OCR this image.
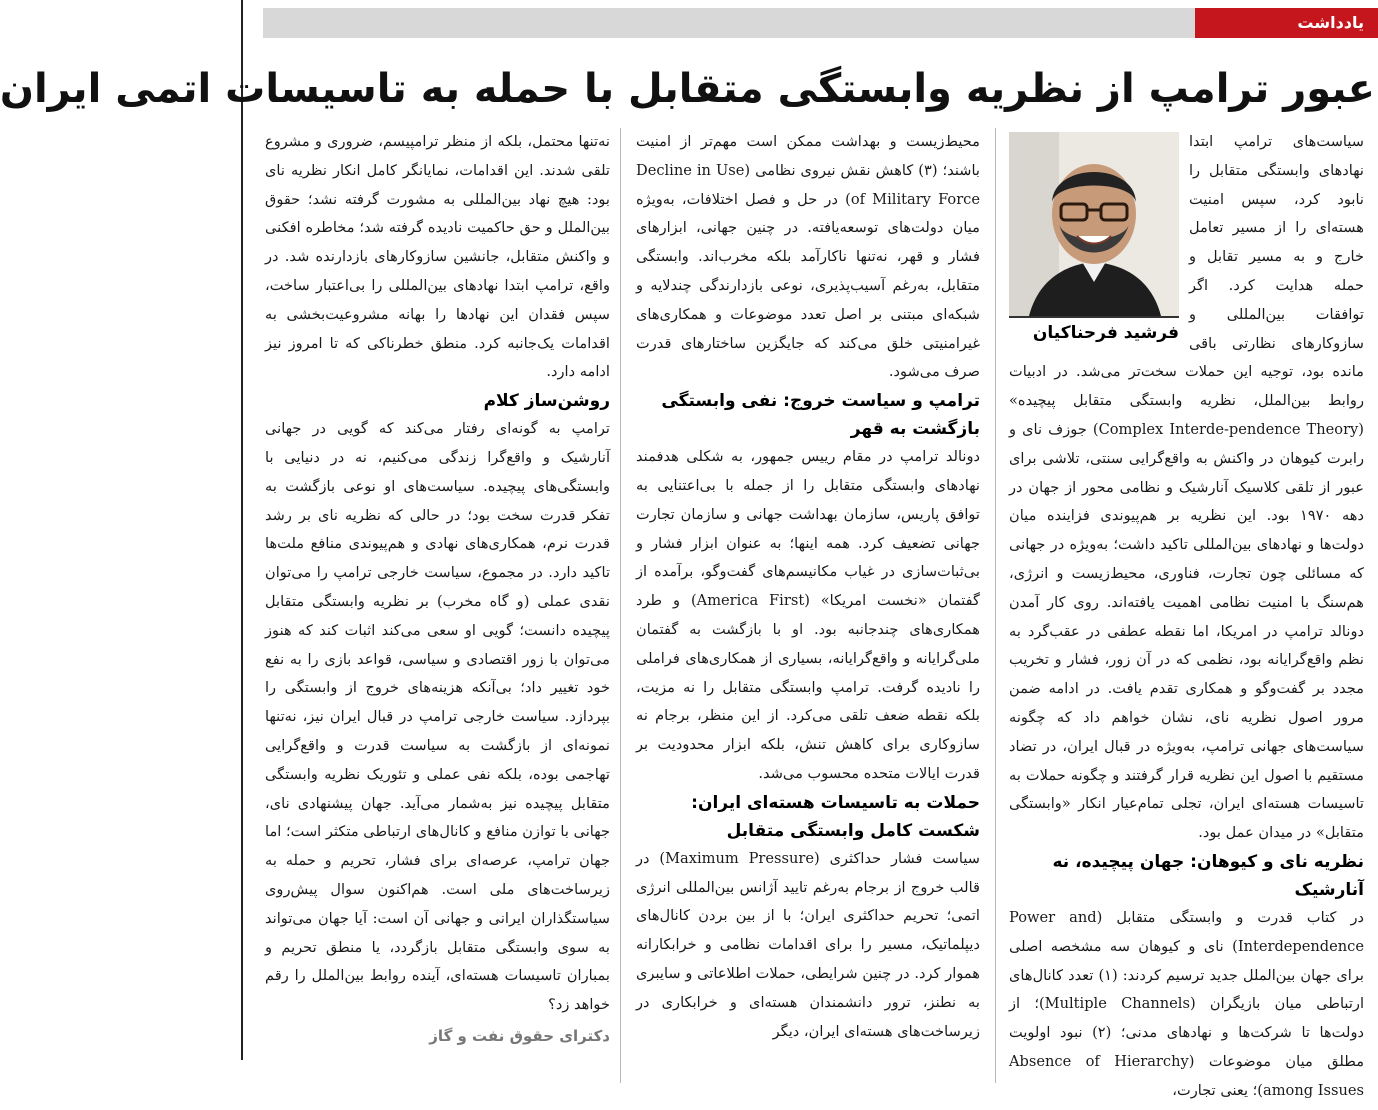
یادداشت
عبور ترامپ از نظریه وابستگی متقابل با حمله به تاسیسات اتمی ایران
فرشید فرحناکیان

سیاست‌های ترامپ ابتدا نهادهای وابستگی متقابل را نابود کرد، سپس امنیت هسته‌ای را از مسیر تعامل خارج و به مسیر تقابل و حمله هدایت کرد. اگر توافقات بین‌المللی و سازوکارهای نظارتی باقی مانده بود، توجیه این حملات سخت‌تر می‌شد. در ادبیات روابط بین‌الملل، نظریه وابستگی متقابل پیچیده» (Complex Interde-pendence Theory) جوزف نای و رابرت کیوهان در واکنش به واقع‌گرایی سنتی، تلاشی برای عبور از تلقی کلاسیک آنارشیک و نظامی محور از جهان در دهه ۱۹۷۰ بود. این نظریه بر هم‌پیوندی فزاینده میان دولت‌ها و نهادهای بین‌المللی تاکید داشت؛ به‌ویژه در جهانی که مسائلی چون تجارت، فناوری، محیط‌زیست و انرژی، هم‌سنگ با امنیت نظامی اهمیت یافته‌اند. روی کار آمدن دونالد ترامپ در امریکا، اما نقطه عطفی در عقب‌گرد به نظم واقع‌گرایانه بود، نظمی که در آن زور، فشار و تخریب مجدد بر گفت‌وگو و همکاری تقدم یافت. در ادامه ضمن مرور اصول نظریه نای، نشان خواهم داد که چگونه سیاست‌های جهانی ترامپ، به‌ویژه در قبال ایران، در تضاد مستقیم با اصول این نظریه قرار گرفتند و چگونه حملات به تاسیسات هسته‌ای ایران، تجلی تمام‌عیار انکار «وابستگی متقابل» در میدان عمل بود.

نظریه نای و کیوهان: جهان پیچیده، نه آنارشیک

در کتاب قدرت و وابستگی متقابل (Power and Interdependence) نای و کیوهان سه مشخصه اصلی برای جهان بین‌الملل جدید ترسیم کردند: (۱) تعدد کانال‌های ارتباطی میان بازیگران (Multiple Channels)؛ از دولت‌ها تا شرکت‌ها و نهادهای مدنی؛ (۲) نبود اولویت مطلق میان موضوعات (Absence of Hierarchy among Issues)؛ یعنی تجارت،

محیط‌زیست و بهداشت ممکن است مهم‌تر از امنیت باشند؛ (۳) کاهش نقش نیروی نظامی (Decline in Use of Military Force) در حل و فصل اختلافات، به‌ویژه میان دولت‌های توسعه‌یافته. در چنین جهانی، ابزارهای فشار و قهر، نه‌تنها ناکارآمد بلکه مخرب‌اند. وابستگی متقابل، به‌رغم آسیب‌پذیری، نوعی بازدارندگی چندلایه و شبکه‌ای مبتنی بر اصل تعدد موضوعات و همکاری‌های غیرامنیتی خلق می‌کند که جایگزین ساختارهای قدرت صرف می‌شود.

ترامپ و سیاست خروج: نفی وابستگی بازگشت به قهر

دونالد ترامپ در مقام رییس جمهور، به شکلی هدفمند نهادهای وابستگی متقابل را از جمله با بی‌اعتنایی به توافق پاریس، سازمان بهداشت جهانی و سازمان تجارت جهانی تضعیف کرد. همه اینها؛ به عنوان ابزار فشار و بی‌ثبات‌سازی در غیاب مکانیسم‌های گفت‌وگو، برآمده از گفتمان «نخست امریکا» (America First) و طرد همکاری‌های چندجانبه بود. او با بازگشت به گفتمان ملی‌گرایانه و واقع‌گرایانه، بسیاری از همکاری‌های فراملی را نادیده گرفت. ترامپ وابستگی متقابل را نه مزیت، بلکه نقطه ضعف تلقی می‌کرد. از این منظر، برجام نه سازوکاری برای کاهش تنش، بلکه ابزار محدودیت بر قدرت ایالات متحده محسوب می‌شد.

حملات به تاسیسات هسته‌ای ایران: شکست کامل وابستگی متقابل

سیاست فشار حداکثری (Maximum Pressure) در قالب خروج از برجام به‌رغم تایید آژانس بین‌المللی انرژی اتمی؛ تحریم حداکثری ایران؛ با از بین بردن کانال‌های دیپلماتیک، مسیر را برای اقدامات نظامی و خرابکارانه هموار کرد. در چنین شرایطی، حملات اطلاعاتی و سایبری به نطنز، ترور دانشمندان هسته‌ای و خرابکاری در زیرساخت‌های هسته‌ای ایران، دیگر

نه‌تنها محتمل، بلکه از منظر ترامپیسم، ضروری و مشروع تلقی شدند. این اقدامات، نمایانگر کامل انکار نظریه نای بود: هیچ نهاد بین‌المللی به مشورت گرفته نشد؛ حقوق بین‌الملل و حق حاکمیت نادیده گرفته شد؛ مخاطره افکنی و واکنش متقابل، جانشین سازوکارهای بازدارنده شد. در واقع، ترامپ ابتدا نهادهای بین‌المللی را بی‌اعتبار ساخت، سپس فقدان این نهادها را بهانه مشروعیت‌بخشی به اقدامات یک‌جانبه کرد. منطق خطرناکی که تا امروز نیز ادامه دارد.

روشن‌ساز کلام

ترامپ به گونه‌ای رفتار می‌کند که گویی در جهانی آنارشیک و واقع‌گرا زندگی می‌کنیم، نه در دنیایی با وابستگی‌های پیچیده. سیاست‌های او نوعی بازگشت به تفکر قدرت سخت بود؛ در حالی که نظریه نای بر رشد قدرت نرم، همکاری‌های نهادی و هم‌پیوندی منافع ملت‌ها تاکید دارد. در مجموع، سیاست خارجی ترامپ را می‌توان نقدی عملی (و گاه مخرب) بر نظریه وابستگی متقابل پیچیده دانست؛ گویی او سعی می‌کند اثبات کند که هنوز می‌توان با زور اقتصادی و سیاسی، قواعد بازی را به نفع خود تغییر داد؛ بی‌آنکه هزینه‌های خروج از وابستگی را بپردازد. سیاست خارجی ترامپ در قبال ایران نیز، نه‌تنها نمونه‌ای از بازگشت به سیاست قدرت و واقع‌گرایی تهاجمی بوده، بلکه نفی عملی و تئوریک نظریه وابستگی متقابل پیچیده نیز به‌شمار می‌آید. جهان پیشنهادی نای، جهانی با توازن منافع و کانال‌های ارتباطی متکثر است؛ اما جهان ترامپ، عرصه‌ای برای فشار، تحریم و حمله به زیرساخت‌های ملی است. هم‌اکنون سوال پیش‌روی سیاستگذاران ایرانی و جهانی آن است: آیا جهان می‌تواند به سوی وابستگی متقابل بازگردد، یا منطق تحریم و بمباران تاسیسات هسته‌ای، آینده روابط بین‌الملل را رقم خواهد زد؟

دکترای حقوق نفت و گاز
